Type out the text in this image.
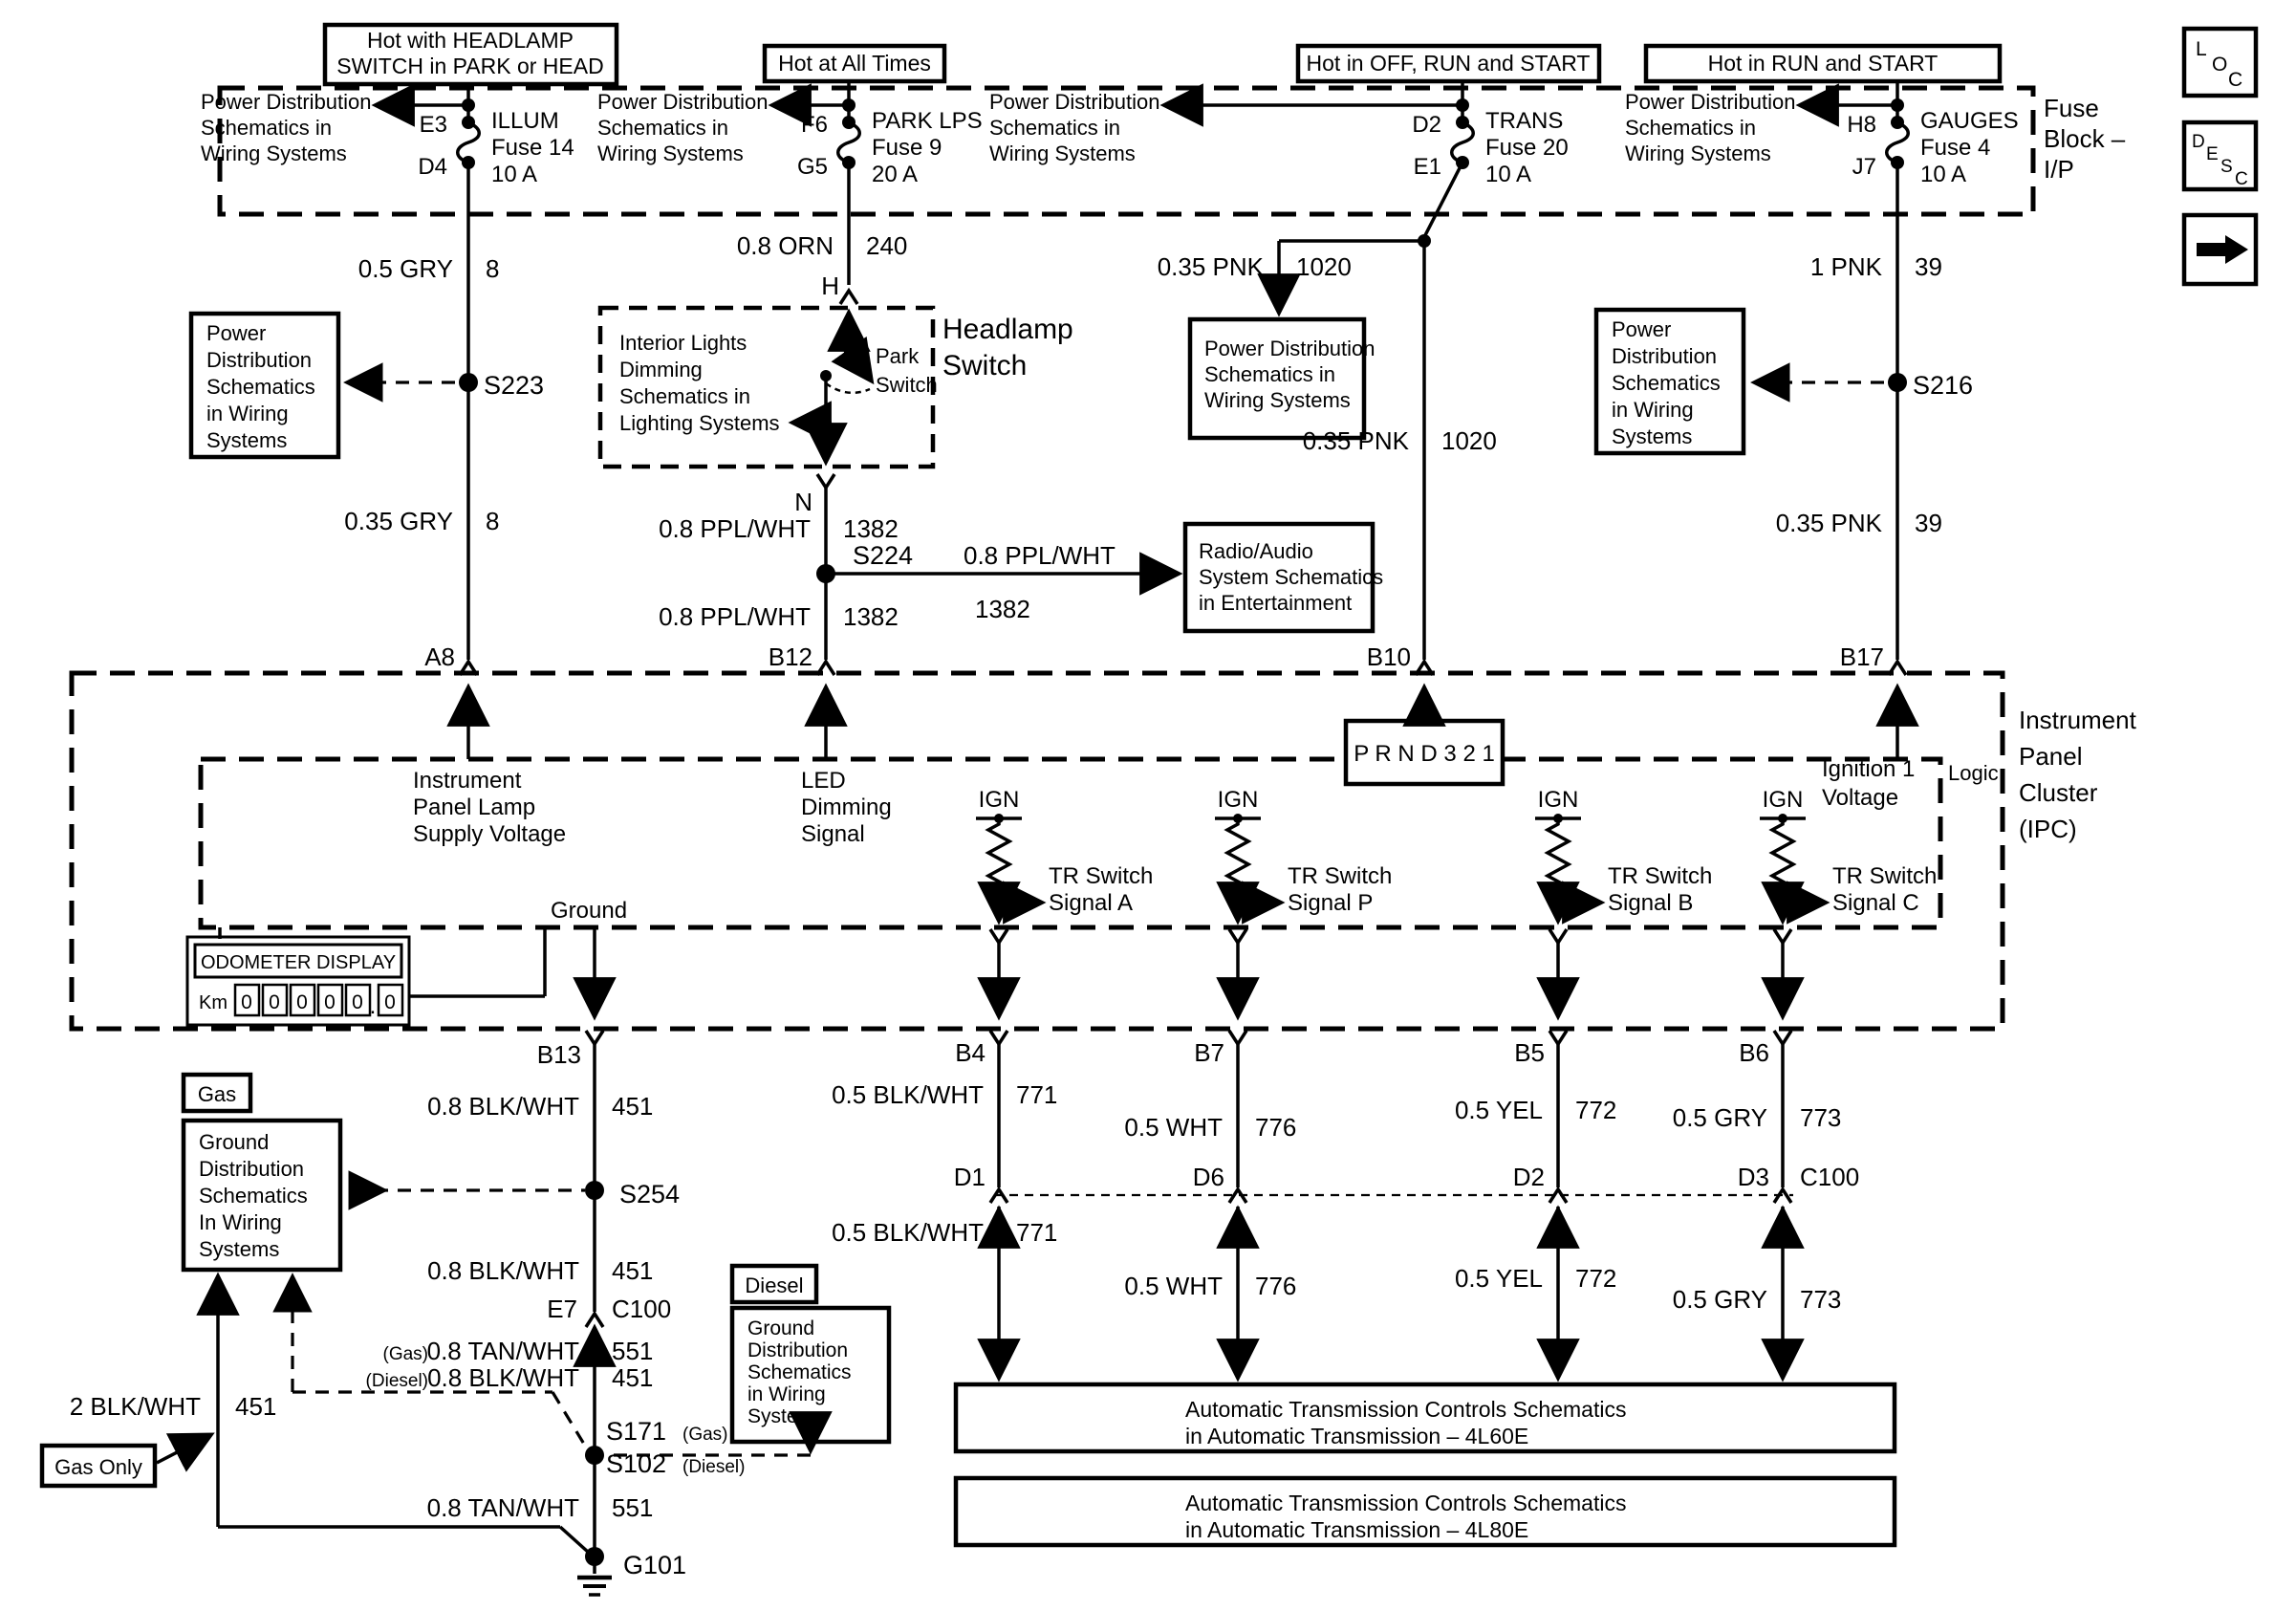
Hot with HEADLAMP
SWITCH in PARK or HEAD	Hot at All Times	Hot in OFF, RUN and START	Hot in RUN and START
Fuse
Block –
I/P
L
O
C
D
E
S
C
Power Distribution
Schematics in
Wiring Systems
Power Distribution
Schematics in
Wiring Systems
Power Distribution
Schematics in
Wiring Systems
Power Distribution
Schematics in
Wiring Systems
E3
D4
ILLUM
Fuse 14
10 A
F6
G5
PARK LPS
Fuse 9
20 A
D2
E1
TRANS
Fuse 20
10 A
H8
J7
GAUGES
Fuse 4
10 A
0.5 GRY 8
0.8 ORN 240
H
0.35 PNK 1020	1 PNK 39
S223	S216
Power
Distribution
Schematics
in Wiring
Systems
Power
Distribution
Schematics
in Wiring
Systems
Power Distribution
Schematics in
Wiring Systems
Interior Lights
Dimming
Schematics in
Lighting Systems
Park
Switch
Headlamp
Switch
N
0.8 PPL/WHT 1382
S224 0.8 PPL/WHT
1382
0.8 PPL/WHT 1382
Radio/Audio
System Schematics
in Entertainment
0.35 PNK 1020
0.35 GRY 8	0.35 PNK 39
A8	B12	B10	B17
Instrument
Panel
Cluster
(IPC)
Logic
P R N D 3 2 1
Instrument
Panel Lamp
Supply Voltage
LED
Dimming
Signal
Ignition 1
Voltage
IGN	IGN	IGN	IGN
TR Switch
Signal A
TR Switch
Signal P
TR Switch
Signal B
TR Switch
Signal C
Ground
ODOMETER DISPLAY
Km 0 0 0 0 0 . 0
B13	B4	B7	B5	B6
0.5 BLK/WHT 771
0.5 WHT 776
0.5 YEL 772 0.5 GRY 773
D1	D6	D2	D3 C100
0.5 BLK/WHT 771
0.5 WHT 776	0.5 YEL 772
0.5 GRY 773
Gas
Ground
Distribution
Schematics
In Wiring
Systems
0.8 BLK/WHT 451
S254
0.8 BLK/WHT 451
E7 C100
(Gas)
0.8 TAN/WHT 551
(Diesel) 0.8 BLK/WHT 451
S171 (Gas)
S102 (Diesel)
0.8 TAN/WHT 551
G101
2 BLK/WHT 451
Gas Only
Diesel
Ground
Distribution
Schematics
in Wiring
Systems	Automatic Transmission Controls Schematics
in Automatic Transmission – 4L60E
Automatic Transmission Controls Schematics
in Automatic Transmission – 4L80E
